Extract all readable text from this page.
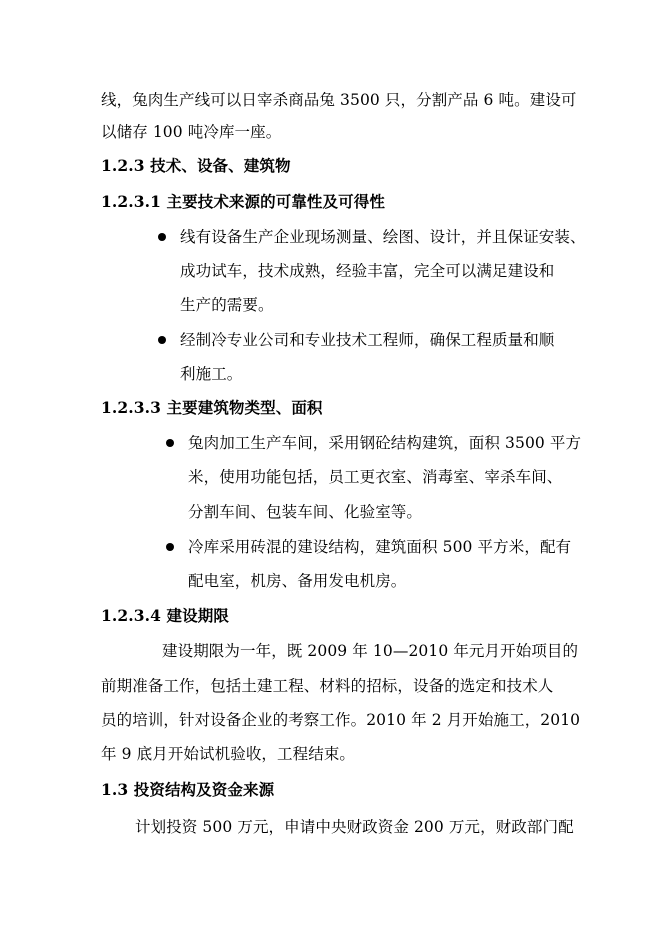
线，兔肉生产线可以日宰杀商品兔 3500 只，分割产品 6 吨。建设可
以储存 100 吨冷库一座。
1.2.3 技术、设备、建筑物
1.2.3.1 主要技术来源的可靠性及可得性
线有设备生产企业现场测量、绘图、设计，并且保证安装、
成功试车，技术成熟，经验丰富，完全可以满足建设和
生产的需要。
经制冷专业公司和专业技术工程师，确保工程质量和顺
利施工。
1.2.3.3 主要建筑物类型、面积
兔肉加工生产车间，采用钢砼结构建筑，面积 3500 平方
米，使用功能包括，员工更衣室、消毒室、宰杀车间、
分割车间、包装车间、化验室等。
冷库采用砖混的建设结构，建筑面积 500 平方米，配有
配电室，机房、备用发电机房。
1.2.3.4 建设期限
建设期限为一年，既 2009 年 10—2010 年元月开始项目的
前期准备工作，包括土建工程、材料的招标，设备的选定和技术人
员的培训，针对设备企业的考察工作。2010 年 2 月开始施工，2010
年 9 底月开始试机验收，工程结束。
1.3 投资结构及资金来源
计划投资 500 万元，申请中央财政资金 200 万元，财政部门配
